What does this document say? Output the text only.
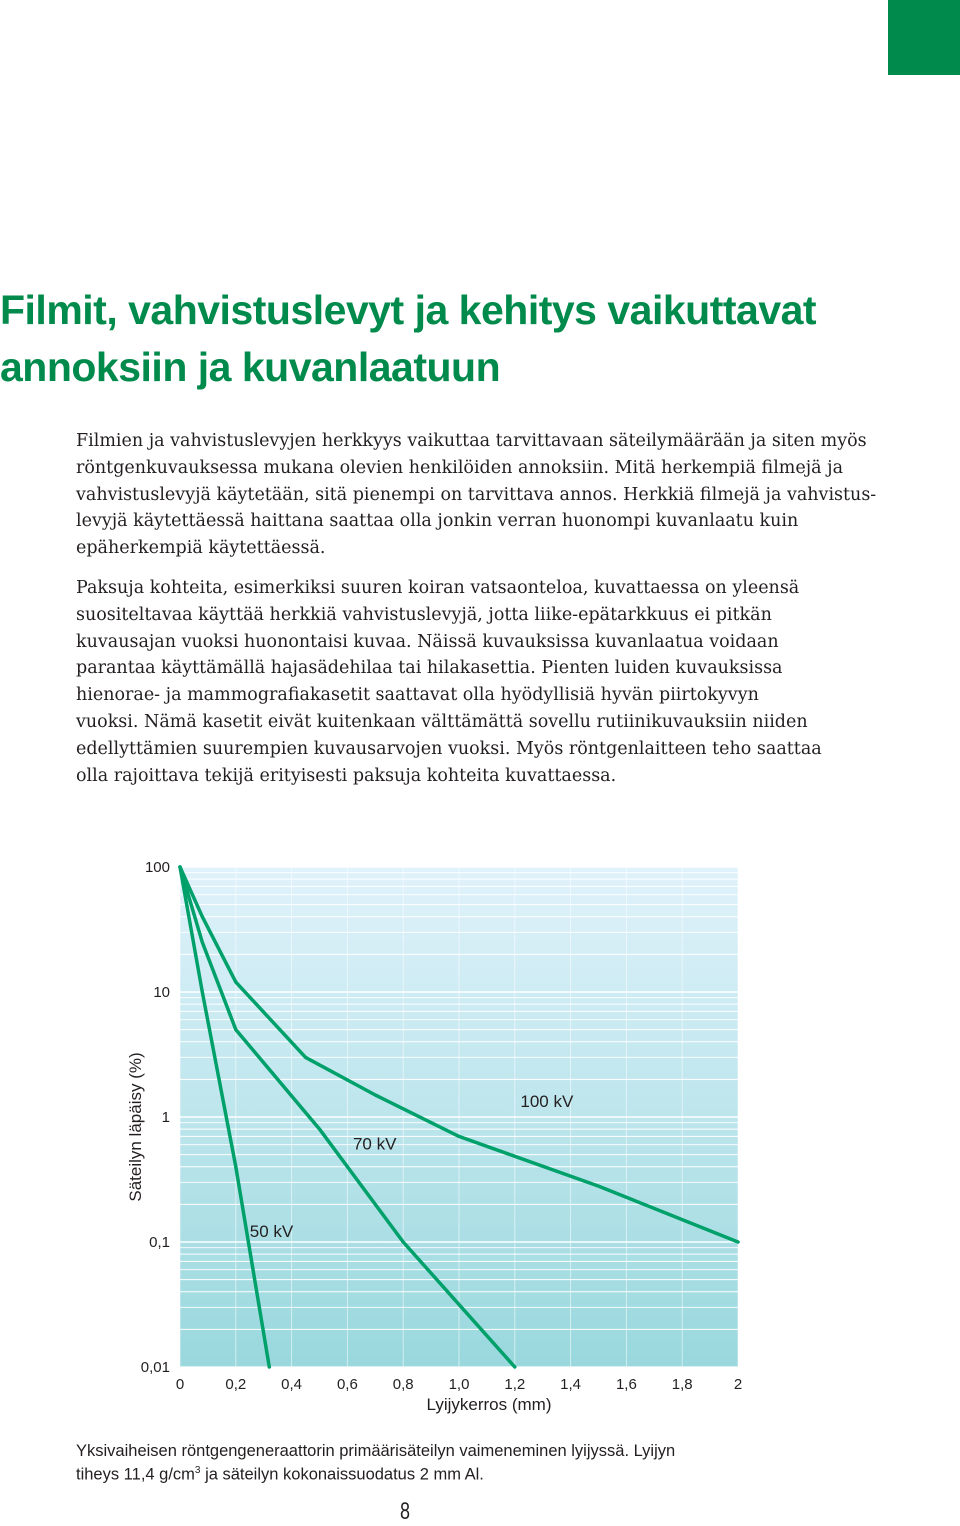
Filmit, vahvistuslevyt ja kehitys vaikuttavat
annoksiin ja kuvanlaatuun

Filmien ja vahvistuslevyjen herkkyys vaikuttaa tarvittavaan säteilymäärään ja siten myös
röntgenkuvauksessa mukana olevien henkilöiden annoksiin. Mitä herkempiä filmejä ja
vahvistuslevyjä käytetään, sitä pienempi on tarvittava annos. Herkkiä filmejä ja vahvistus-
levyjä käytettäessä haittana saattaa olla jonkin verran huonompi kuvanlaatu kuin
epäherkempiä käytettäessä.

Paksuja kohteita, esimerkiksi suuren koiran vatsaonteloa, kuvattaessa on yleensä
suositeltavaa käyttää herkkiä vahvistuslevyjä, jotta liike-epätarkkuus ei pitkän
kuvausajan vuoksi huonontaisi kuvaa. Näissä kuvauksissa kuvanlaatua voidaan
parantaa käyttämällä hajasädehilaa tai hilakasettia. Pienten luiden kuvauksissa
hienorae- ja mammografiakasetit saattavat olla hyödyllisiä hyvän piirtokyvyn
vuoksi. Nämä kasetit eivät kuitenkaan välttämättä sovellu rutiinikuvauksiin niiden
edellyttämien suurempien kuvausarvojen vuoksi. Myös röntgenlaitteen teho saattaa
olla rajoittava tekijä erityisesti paksuja kohteita kuvattaessa.

100
10
1
0,1
0,01
0	0,2 0,4 0,6 0,8 1,0 1,2 1,4 1,6 1,8	2
50 kV
70 kV
100 kV
Lyijykerros (mm)
Säteilyn läpäisy (%)
Yksivaiheisen röntgengeneraattorin primäärisäteilyn vaimeneminen lyijyssä. Lyijyn
tiheys 11,4 $g/cm^3$ ja säteilyn kokonaissuodatus 2 mm Al.
8
